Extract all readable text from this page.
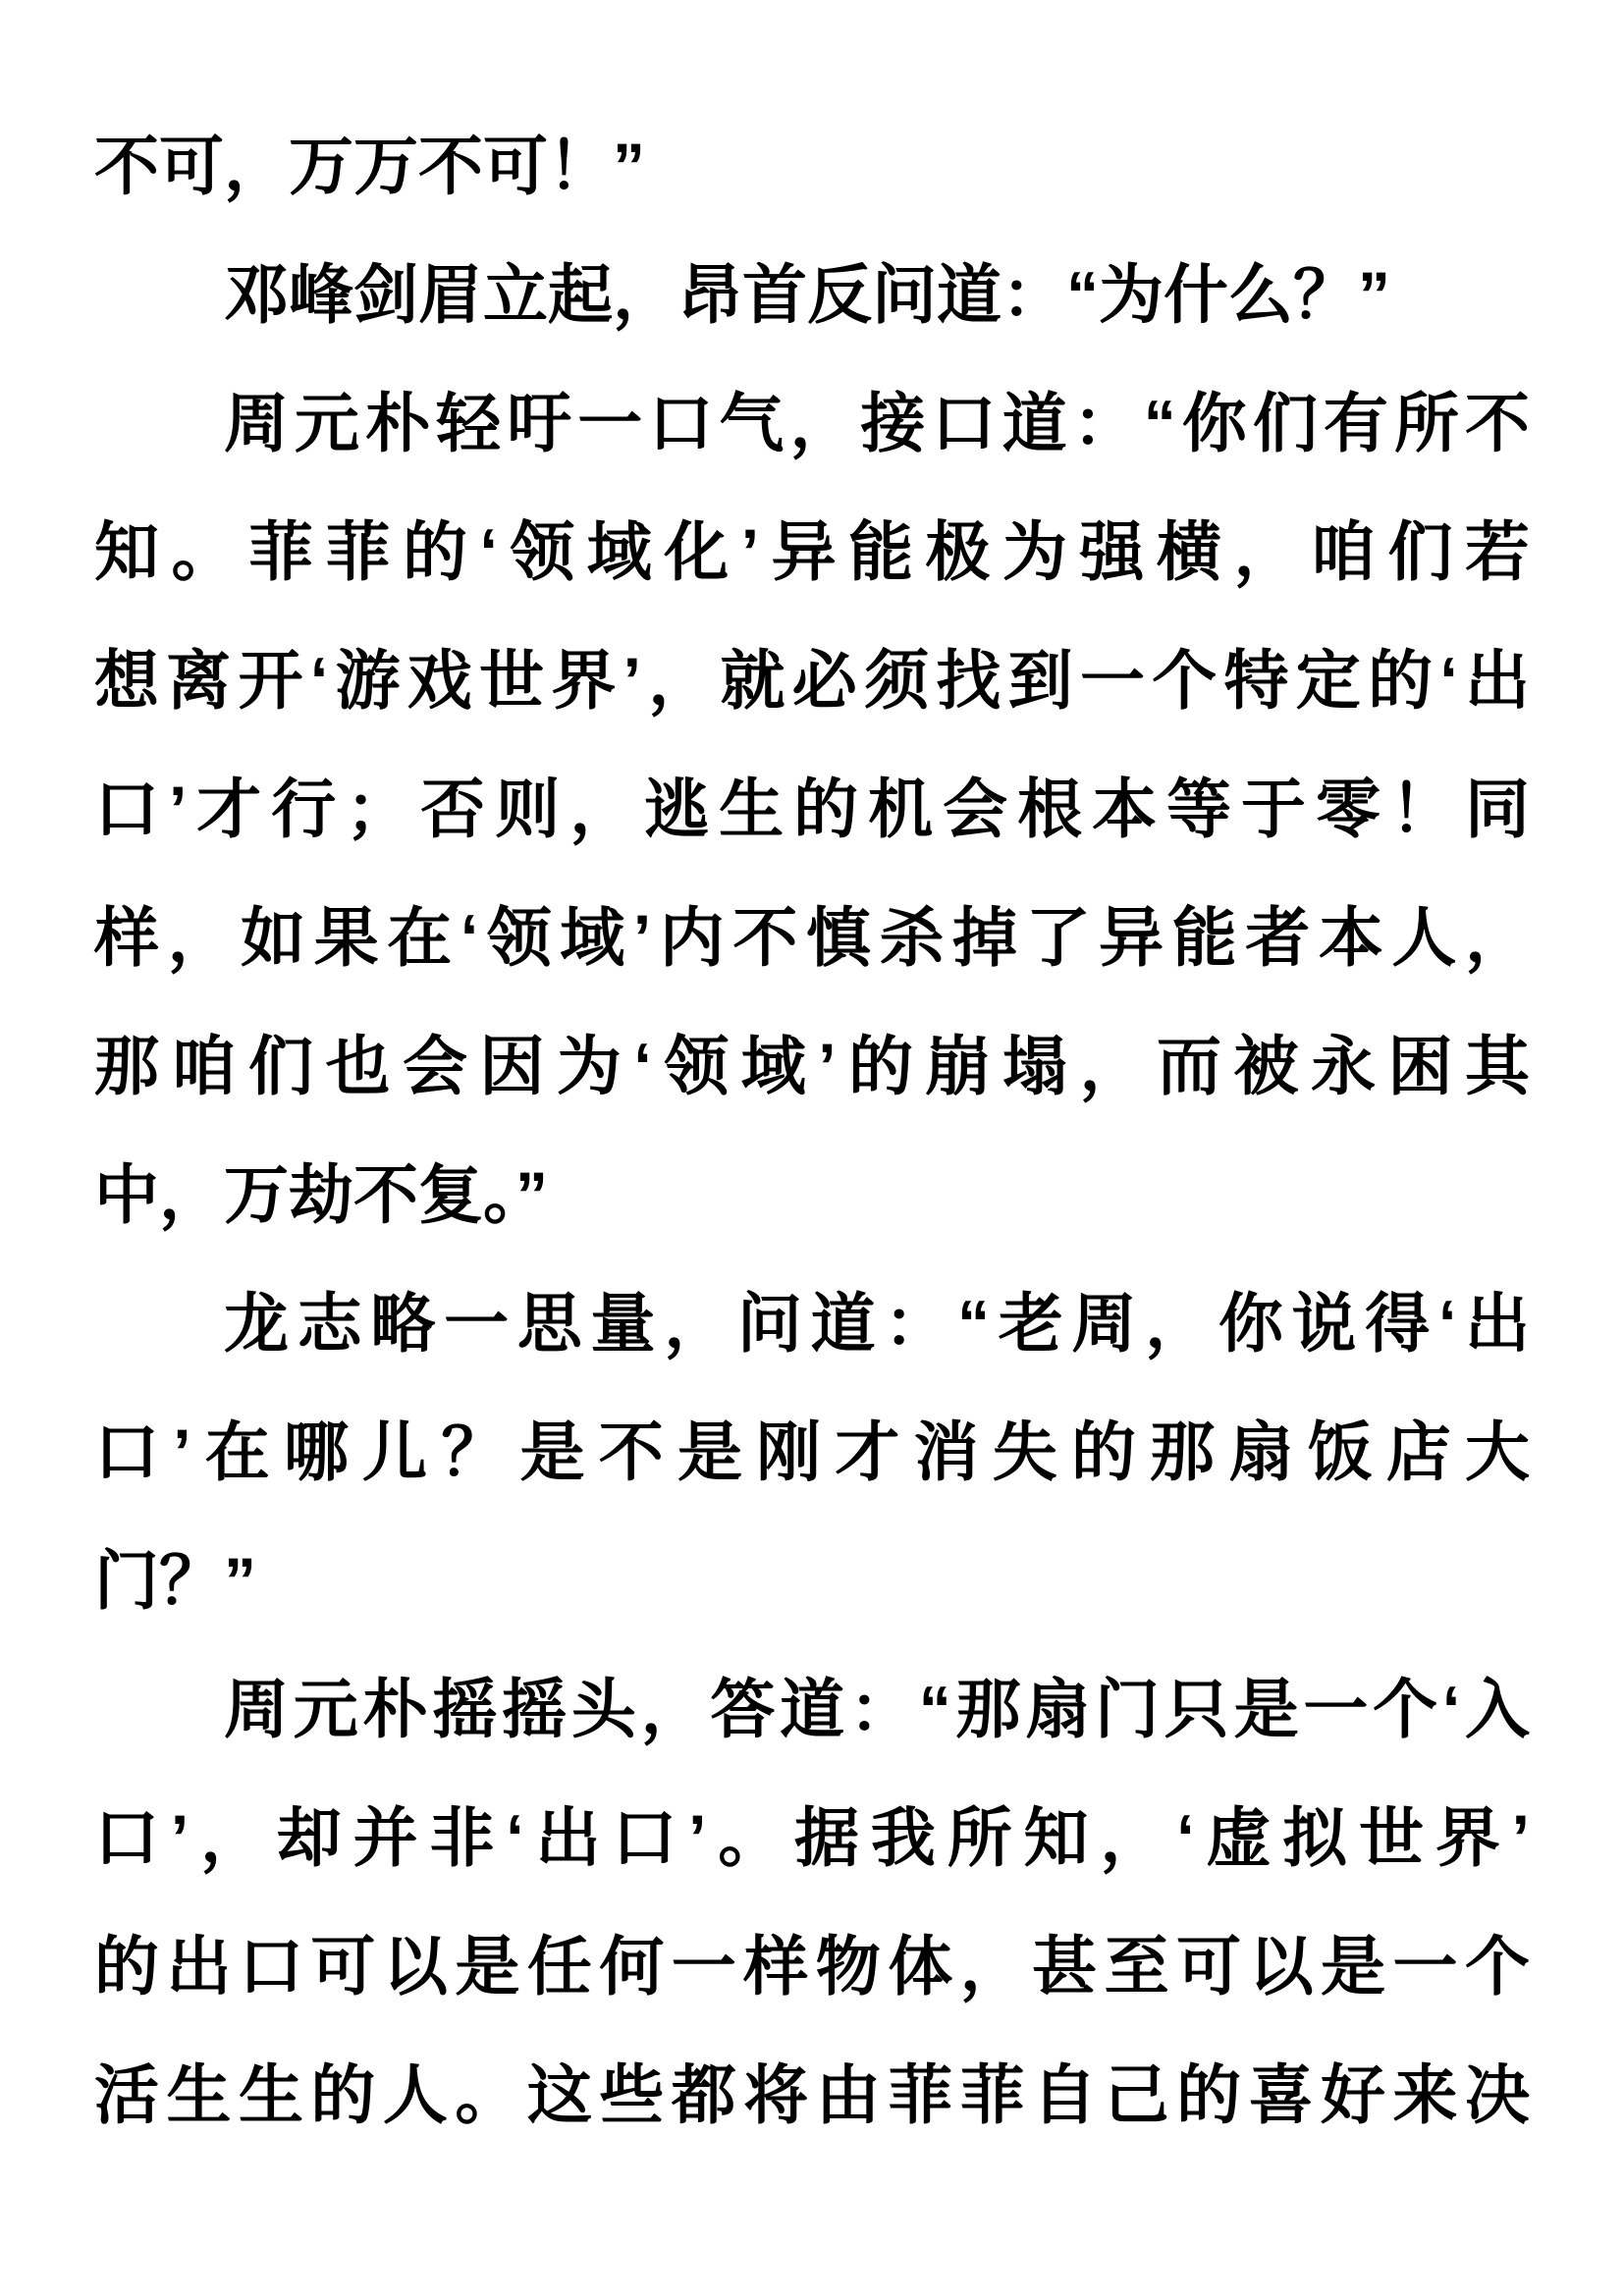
不可，万万不可！”
邓峰剑眉立起，昂首反问道：“为什么？”
周元朴轻吁一口气，接口道：“你们有所不
知。菲菲的‘领域化’异能极为强横，咱们若
想离开‘游戏世界’，就必须找到一个特定的‘出
口’才行；否则，逃生的机会根本等于零！同
样，如果在‘领域’内不慎杀掉了异能者本人，
那咱们也会因为‘领域’的崩塌，而被永困其
中，万劫不复。”
龙志略一思量，问道：“老周，你说得‘出
口’在哪儿？是不是刚才消失的那扇饭店大
门？”
周元朴摇摇头，答道：“那扇门只是一个‘入
口’，却并非‘出口’。据我所知，‘虚拟世界’
的出口可以是任何一样物体，甚至可以是一个
活生生的人。这些都将由菲菲自己的喜好来决
